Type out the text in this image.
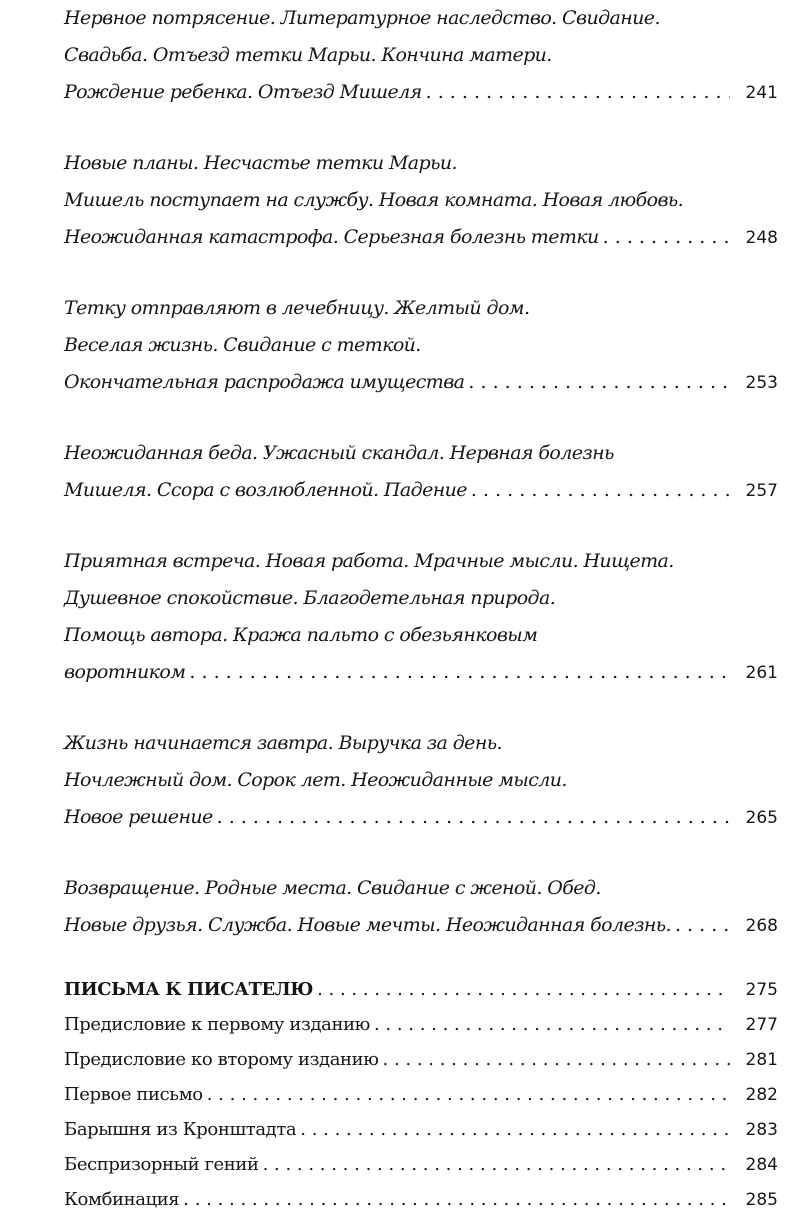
Нервное потрясение. Литературное наследство. Свидание.
Свадьба. Отъезд тетки Марьи. Кончина матери.
Рождение ребенка. Отъезд Мишеля . . .	241
Новые планы. Несчастье тетки Марьи.
Мишель поступает на службу. Новая комната. Новая любовь.
Неожиданная катастрофа. Серьезная болезнь тетки . . .	248
Тетку отправляют в лечебницу. Желтый дом.
Веселая жизнь. Свидание с теткой.
Окончательная распродажа имущества . . .	253
Неожиданная беда. Ужасный скандал. Нервная болезнь
Мишеля. Ссора с возлюбленной. Падение . . .	257
Приятная встреча. Новая работа. Мрачные мысли. Нищета.
Душевное спокойствие. Благодетельная природа.
Помощь автора. Кража пальто с обезьянковым
воротником . . .	261
Жизнь начинается завтра. Выручка за день.
Ночлежный дом. Сорок лет. Неожиданные мысли.
Новое решение . . .	265
Возвращение. Родные места. Свидание с женой. Обед.
Новые друзья. Служба. Новые мечты. Неожиданная болезнь. . . .	268
ПИСЬМА К ПИСАТЕЛЮ . . .	275
Предисловие к первому изданию . . .	277
Предисловие ко второму изданию . . .	281
Первое письмо . . .	282
Барышня из Кронштадта . . .	283
Беспризорный гений . . .	284
Комбинация . . .	285
